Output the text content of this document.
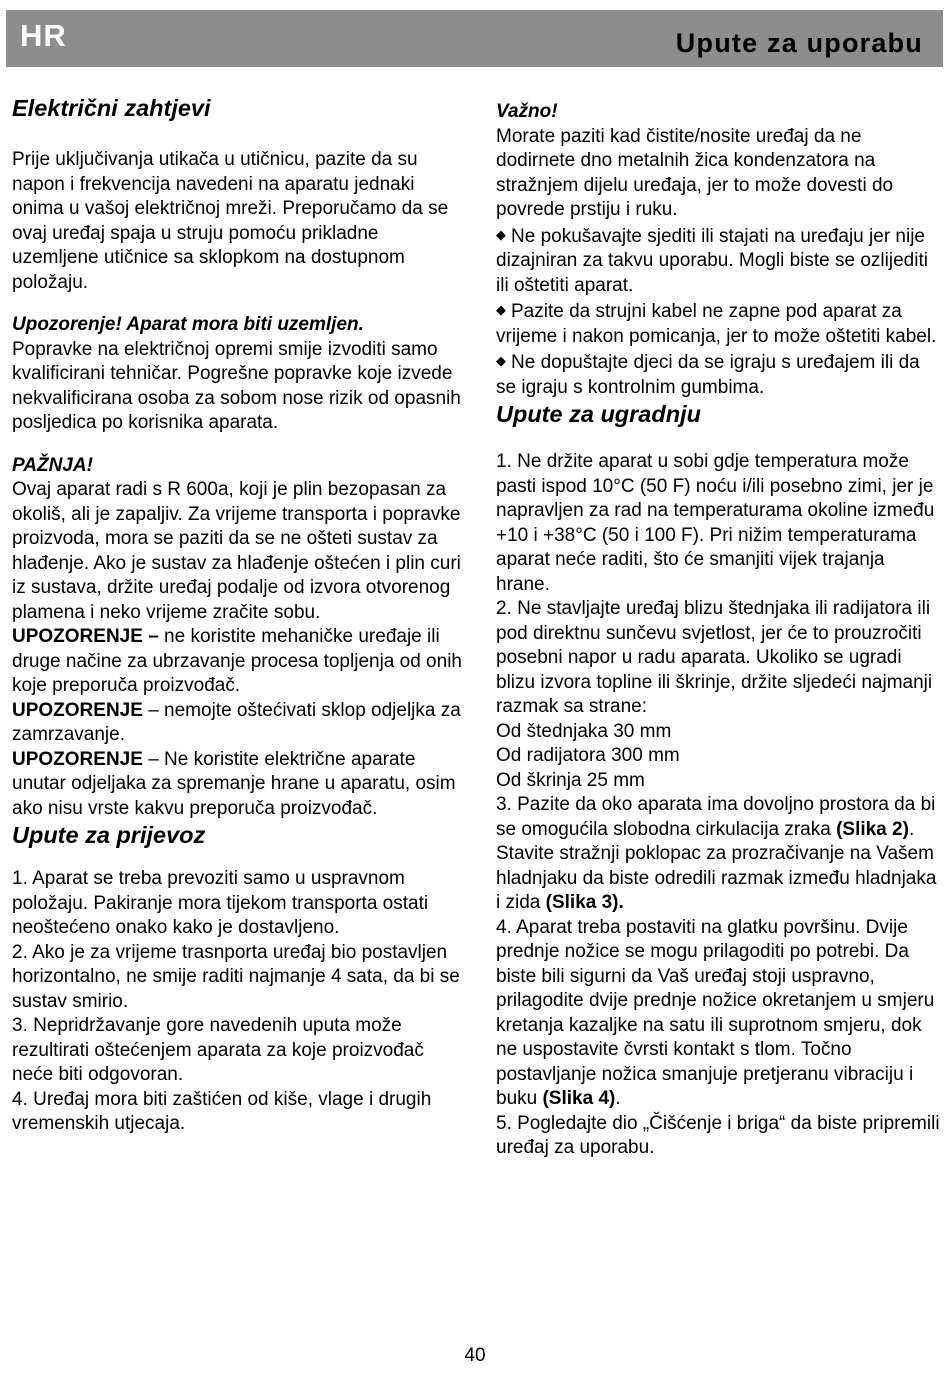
HR	Upute za uporabu
Električni zahtjevi

Prije uključivanja utikača u utičnicu, pazite da su napon i frekvencija navedeni na aparatu jednaki onima u vašoj električnoj mreži. Preporučamo da se ovaj uređaj spaja u struju pomoću prikladne uzemljene utičnice sa sklopkom na dostupnom položaju.

Upozorenje! Aparat mora biti uzemljen.

Popravke na električnoj opremi smije izvoditi samo kvalificirani tehničar. Pogrešne popravke koje izvede nekvalificirana osoba za sobom nose rizik od opasnih posljedica po korisnika aparata.

PAŽNJA!

Ovaj aparat radi s R 600a, koji je plin bezopasan za okoliš, ali je zapaljiv. Za vrijeme transporta i popravke proizvoda, mora se paziti da se ne ošteti sustav za hlađenje. Ako je sustav za hlađenje oštećen i plin curi iz sustava, držite uređaj podalje od izvora otvorenog plamena i neko vrijeme zračite sobu.

UPOZORENJE – ne koristite mehaničke uređaje ili druge načine za ubrzavanje procesa topljenja od onih koje preporuča proizvođač.

UPOZORENJE – nemojte oštećivati sklop odjeljka za zamrzavanje.

UPOZORENJE – Ne koristite električne aparate unutar odjeljaka za spremanje hrane u aparatu, osim ako nisu vrste kakvu preporuča proizvođač.

Upute za prijevoz

1. Aparat se treba prevoziti samo u uspravnom položaju. Pakiranje mora tijekom transporta ostati neoštećeno onako kako je dostavljeno.

2. Ako je za vrijeme trasnporta uređaj bio postavljen horizontalno, ne smije raditi najmanje 4 sata, da bi se sustav smirio.

3. Nepridržavanje gore navedenih uputa može rezultirati oštećenjem aparata za koje proizvođač neće biti odgovoran.

4. Uređaj mora biti zaštićen od kiše, vlage i drugih vremenskih utjecaja.

Važno!

Morate paziti kad čistite/nosite uređaj da ne dodirnete dno metalnih žica kondenzatora na stražnjem dijelu uređaja, jer to može dovesti do povrede prstiju i ruku.

◆ Ne pokušavajte sjediti ili stajati na uređaju jer nije dizajniran za takvu uporabu. Mogli biste se ozlijediti ili oštetiti aparat.

◆ Pazite da strujni kabel ne zapne pod aparat za vrijeme i nakon pomicanja, jer to može oštetiti kabel.

◆ Ne dopuštajte djeci da se igraju s uređajem ili da se igraju s kontrolnim gumbima.

Upute za ugradnju

1. Ne držite aparat u sobi gdje temperatura može pasti ispod 10°C (50 F) noću i/ili posebno zimi, jer je napravljen za rad na temperaturama okoline između +10 i +38°C (50 i 100 F). Pri nižim temperaturama aparat neće raditi, što će smanjiti vijek trajanja hrane.

2. Ne stavljajte uređaj blizu štednjaka ili radijatora ili pod direktnu sunčevu svjetlost, jer će to prouzročiti posebni napor u radu aparata. Ukoliko se ugradi blizu izvora topline ili škrinje, držite sljedeći najmanji razmak sa strane:

Od štednjaka 30 mm

Od radijatora 300 mm

Od škrinja 25 mm

3. Pazite da oko aparata ima dovoljno prostora da bi se omogućila slobodna cirkulacija zraka (Slika 2).

Stavite stražnji poklopac za prozračivanje na Vašem hladnjaku da biste odredili razmak između hladnjaka i zida (Slika 3).

4. Aparat treba postaviti na glatku površinu. Dvije prednje nožice se mogu prilagoditi po potrebi. Da biste bili sigurni da Vaš uređaj stoji uspravno, prilagodite dvije prednje nožice okretanjem u smjeru kretanja kazaljke na satu ili suprotnom smjeru, dok ne uspostavite čvrsti kontakt s tlom. Točno postavljanje nožica smanjuje pretjeranu vibraciju i buku (Slika 4).

5. Pogledajte dio „Čišćenje i briga“ da biste pripremili uređaj za uporabu.

40
